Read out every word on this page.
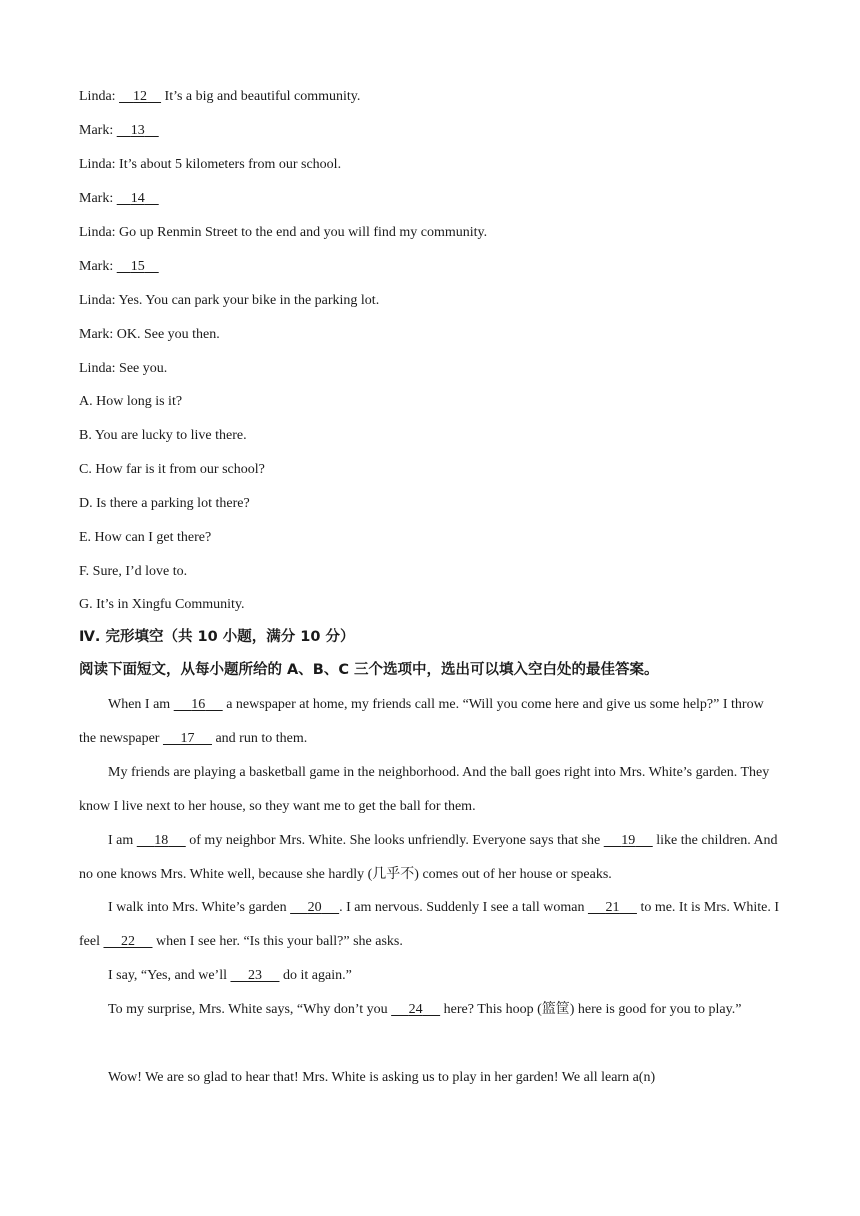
Linda:     12     It’s a big and beautiful community.
Mark:     13
Linda: It’s about 5 kilometers from our school.
Mark:     14
Linda: Go up Renmin Street to the end and you will find my community.
Mark:     15
Linda: Yes. You can park your bike in the parking lot.
Mark: OK. See you then.
Linda: See you.
A. How long is it?
B. You are lucky to live there.
C. How far is it from our school?
D. Is there a parking lot there?
E. How can I get there?
F. Sure, I’d love to.
G. It’s in Xingfu Community.
Ⅳ. 完形填空（共 10 小题，满分 10 分）
阅读下面短文，从每小题所给的 A、B、C 三个选项中，选出可以填入空白处的最佳答案。
When I am      16      a newspaper at home, my friends call me. “Will you come here and give us some help?” I throw the newspaper      17      and run to them.
My friends are playing a basketball game in the neighborhood. And the ball goes right into Mrs. White’s garden. They know I live next to her house, so they want me to get the ball for them.
I am      18      of my neighbor Mrs. White. She looks unfriendly. Everyone says that she      19      like the children. And no one knows Mrs. White well, because she hardly (几乎不) comes out of her house or speaks.
I walk into Mrs. White’s garden      20 . I am nervous. Suddenly I see a tall woman      21      to me. It is Mrs. White. I feel      22      when I see her. “Is this your ball?” she asks.
I say, “Yes, and we’ll      23      do it again.”
To my surprise, Mrs. White says, “Why don’t you      24      here? This hoop (篮筐) here is good for you to play.”
Wow! We are so glad to hear that! Mrs. White is asking us to play in her garden! We all learn a(n)
